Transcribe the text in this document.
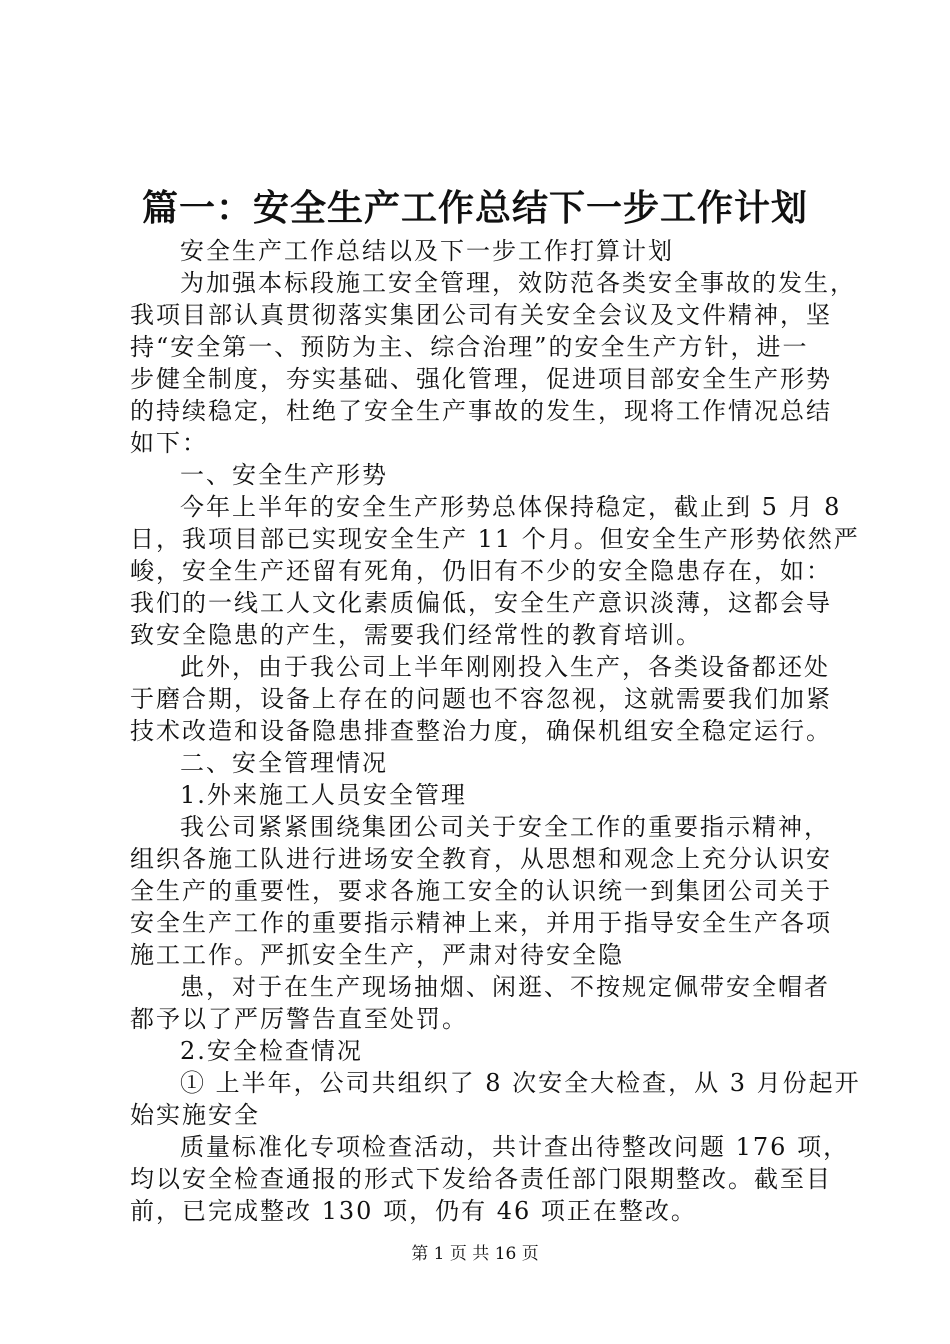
篇一：安全生产工作总结下一步工作计划
安全生产工作总结以及下一步工作打算计划
为加强本标段施工安全管理，效防范各类安全事故的发生，
我项目部认真贯彻落实集团公司有关安全会议及文件精神，坚
持“安全第一、预防为主、综合治理”的安全生产方针，进一
步健全制度，夯实基础、强化管理，促进项目部安全生产形势
的持续稳定，杜绝了安全生产事故的发生，现将工作情况总结
如下：
一、安全生产形势
今年上半年的安全生产形势总体保持稳定，截止到 5 月 8
日，我项目部已实现安全生产 11 个月。但安全生产形势依然严
峻，安全生产还留有死角，仍旧有不少的安全隐患存在，如：
我们的一线工人文化素质偏低，安全生产意识淡薄，这都会导
致安全隐患的产生，需要我们经常性的教育培训。
此外，由于我公司上半年刚刚投入生产，各类设备都还处
于磨合期，设备上存在的问题也不容忽视，这就需要我们加紧
技术改造和设备隐患排查整治力度，确保机组安全稳定运行。
二、安全管理情况
1.外来施工人员安全管理
我公司紧紧围绕集团公司关于安全工作的重要指示精神，
组织各施工队进行进场安全教育，从思想和观念上充分认识安
全生产的重要性，要求各施工安全的认识统一到集团公司关于
安全生产工作的重要指示精神上来，并用于指导安全生产各项
施工工作。严抓安全生产，严肃对待安全隐
患，对于在生产现场抽烟、闲逛、不按规定佩带安全帽者
都予以了严厉警告直至处罚。
2.安全检查情况
① 上半年，公司共组织了 8 次安全大检查，从 3 月份起开
始实施安全
质量标准化专项检查活动，共计查出待整改问题 176 项，
均以安全检查通报的形式下发给各责任部门限期整改。截至目
前，已完成整改 130 项，仍有 46 项正在整改。
第 1 页 共 16 页
